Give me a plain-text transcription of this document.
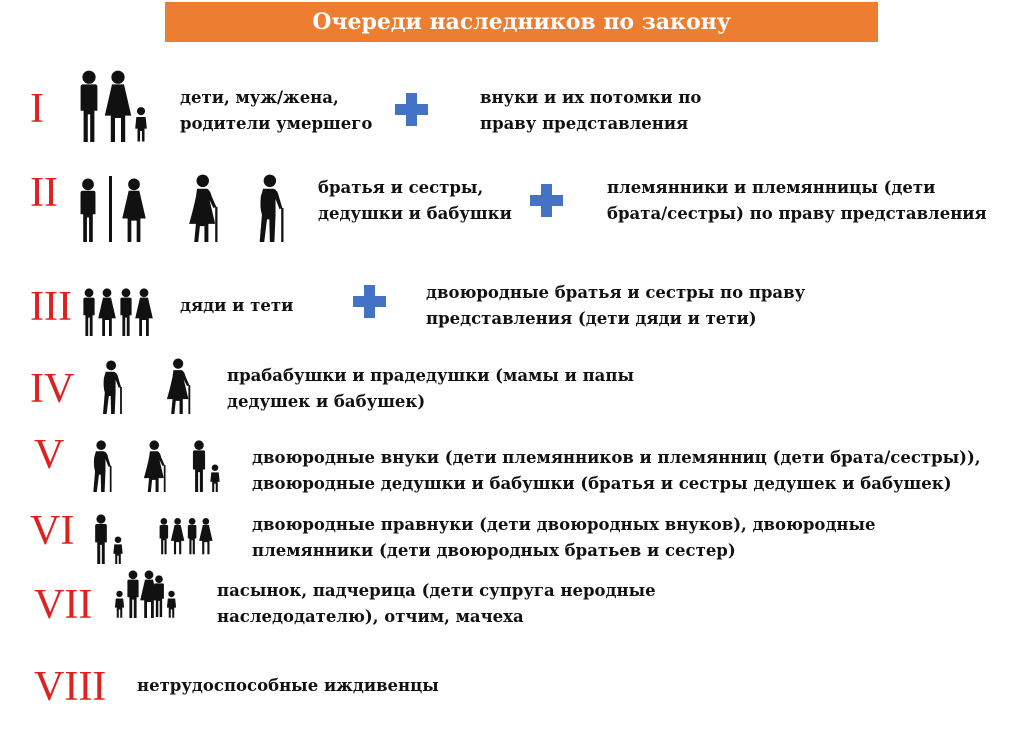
Очереди наследников по закону
I	дети, муж/жена,
родители умершего
внуки и их потомки по
праву представления
II	братья и сестры,
дедушки и бабушки
племянники и племянницы (дети
брата/сестры) по праву представления
III	дяди и тети
двоюродные братья и сестры по праву
представления (дети дяди и тети)
IV	прабабушки и прадедушки (мамы и папы
дедушек и бабушек)
V	двоюродные внуки (дети племянников и племянниц (дети брата/сестры)),
двоюродные дедушки и бабушки (братья и сестры дедушек и бабушек)
VI	двоюродные правнуки (дети двоюродных внуков), двоюродные
племянники (дети двоюродных братьев и сестер)
VII	пасынок, падчерица (дети супруга неродные
наследодателю), отчим, мачеха
VIII нетрудоспособные иждивенцы
